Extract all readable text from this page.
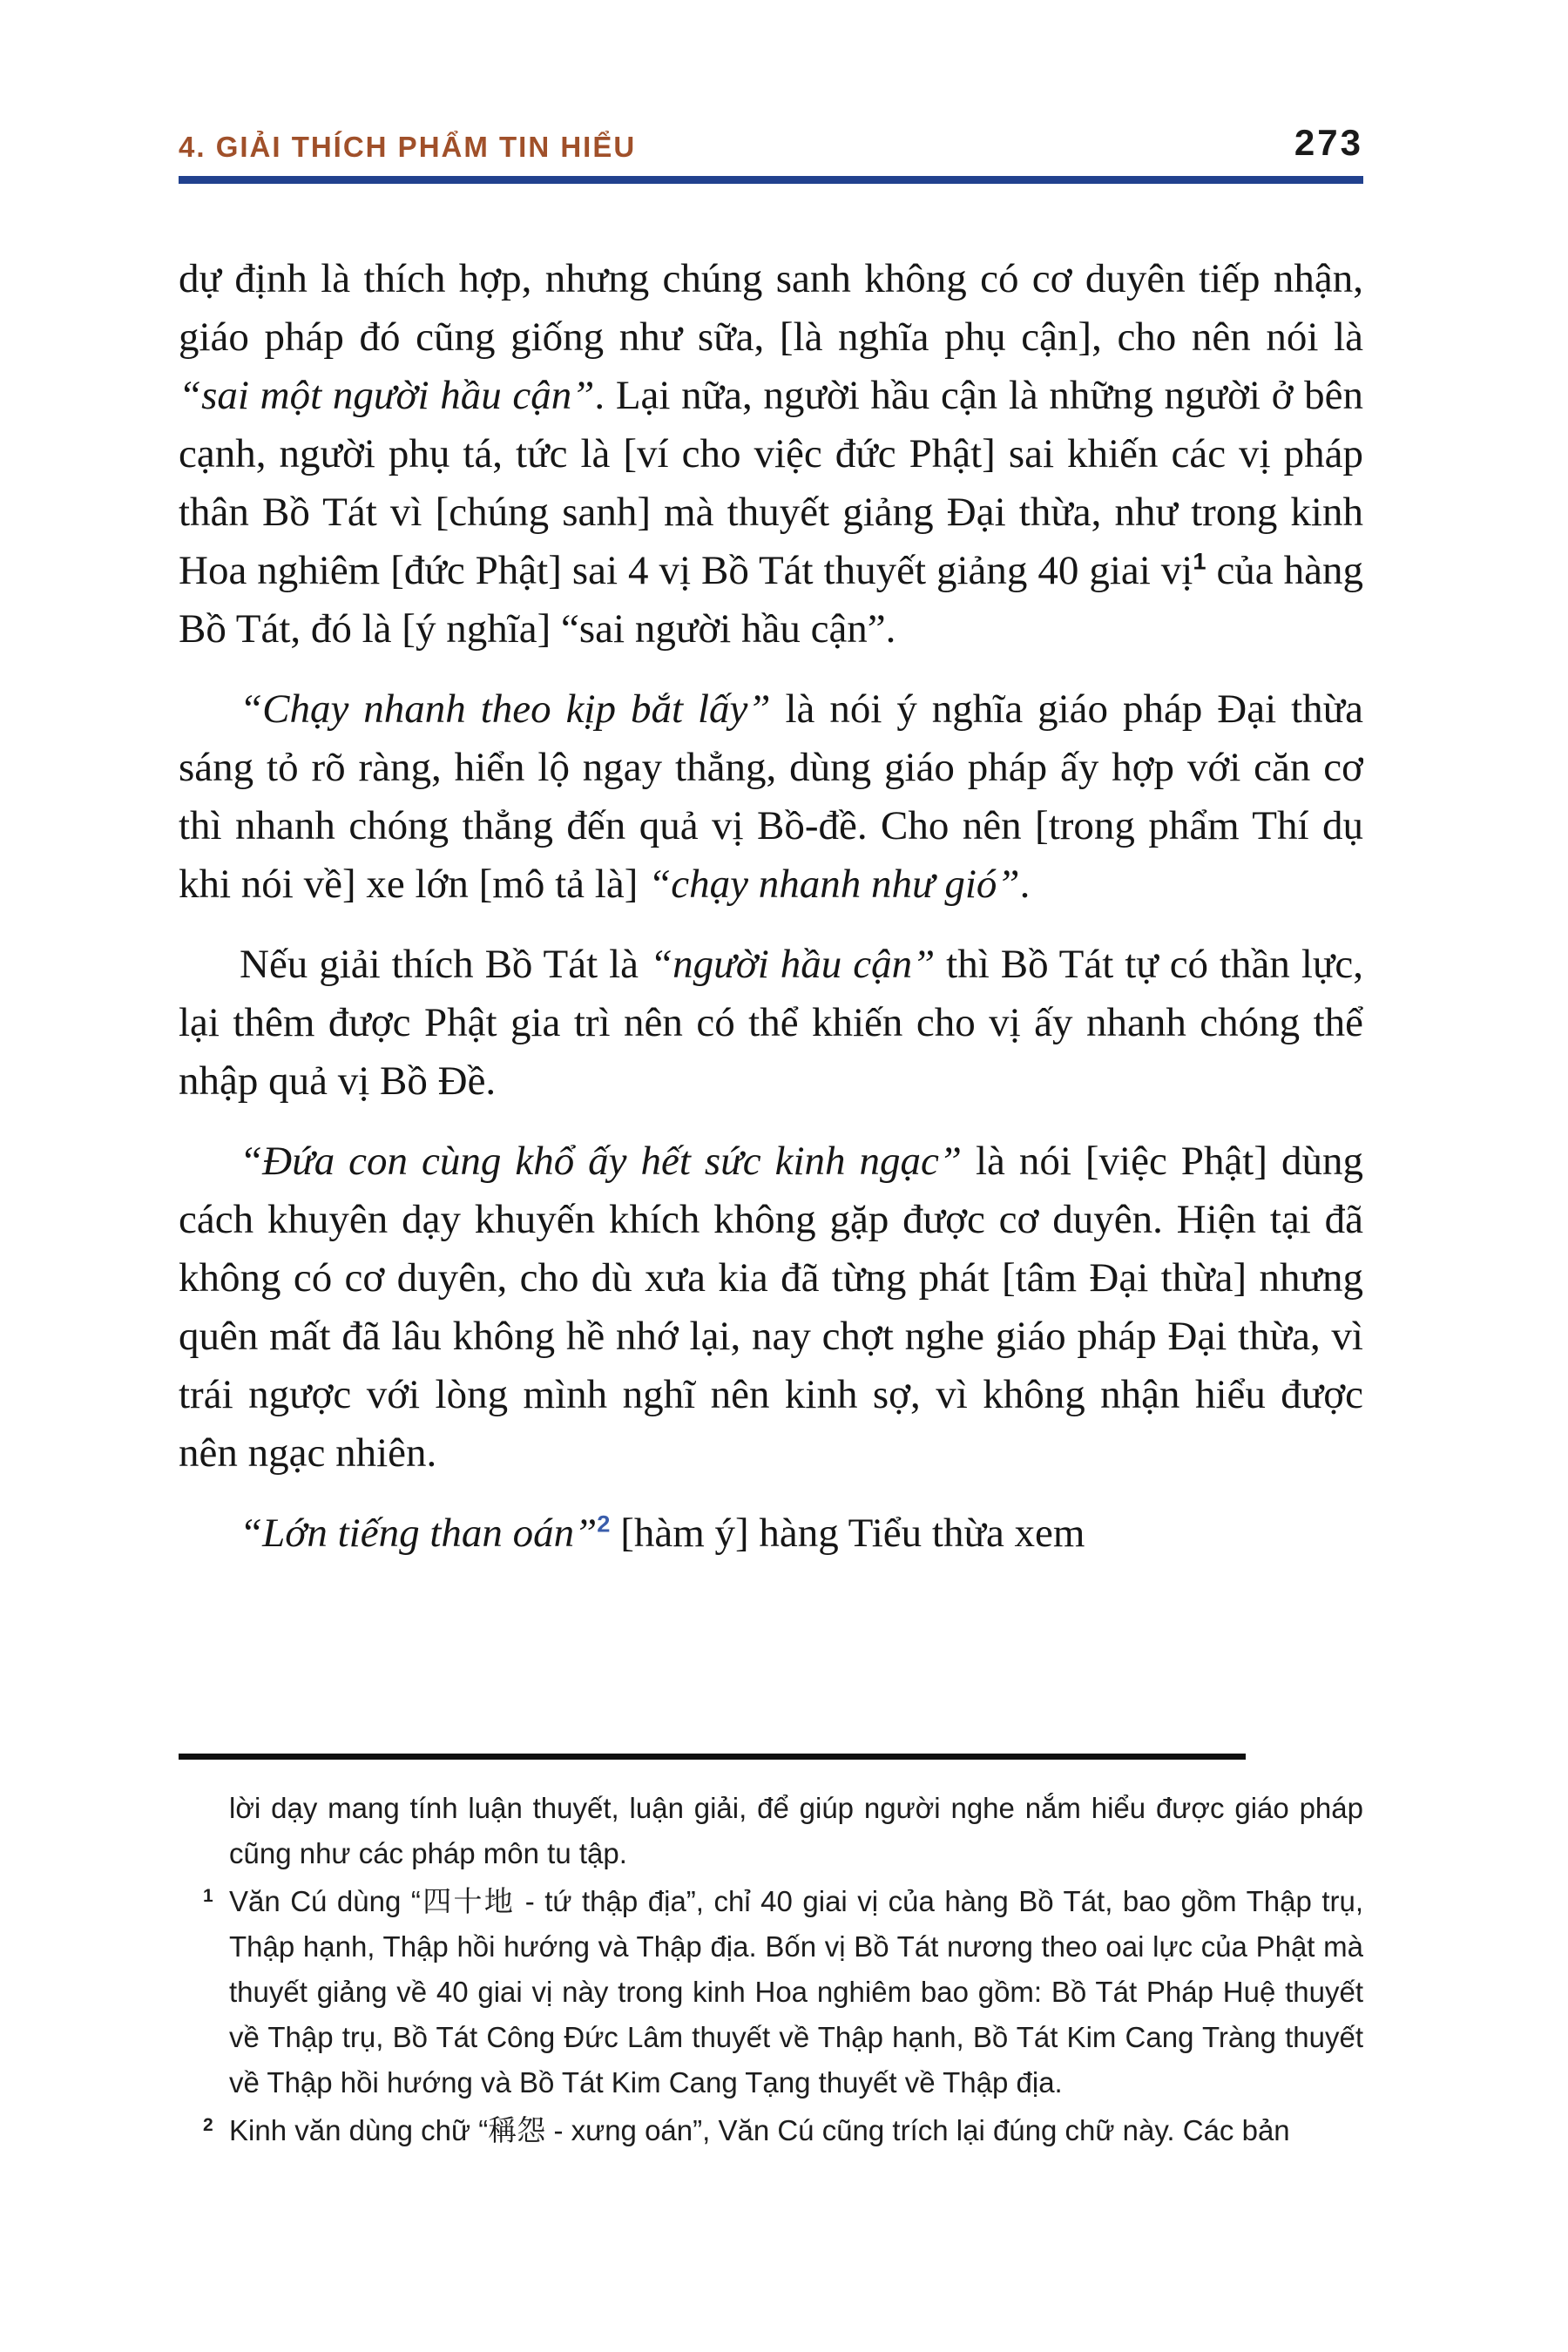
4. GIẢI THÍCH PHẨM TIN HIỂU	273

dự định là thích hợp, nhưng chúng sanh không có cơ duyên tiếp nhận, giáo pháp đó cũng giống như sữa, [là nghĩa phụ cận], cho nên nói là “sai một người hầu cận”. Lại nữa, người hầu cận là những người ở bên cạnh, người phụ tá, tức là [ví cho việc đức Phật] sai khiến các vị pháp thân Bồ Tát vì [chúng sanh] mà thuyết giảng Đại thừa, như trong kinh Hoa nghiêm [đức Phật] sai 4 vị Bồ Tát thuyết giảng 40 giai vị$^1$ của hàng Bồ Tát, đó là [ý nghĩa] “sai người hầu cận”.

“Chạy nhanh theo kịp bắt lấy” là nói ý nghĩa giáo pháp Đại thừa sáng tỏ rõ ràng, hiển lộ ngay thẳng, dùng giáo pháp ấy hợp với căn cơ thì nhanh chóng thẳng đến quả vị Bồ-đề. Cho nên [trong phẩm Thí dụ khi nói về] xe lớn [mô tả là] “chạy nhanh như gió”.

Nếu giải thích Bồ Tát là “người hầu cận” thì Bồ Tát tự có thần lực, lại thêm được Phật gia trì nên có thể khiến cho vị ấy nhanh chóng thể nhập quả vị Bồ Đề.

“Đứa con cùng khổ ấy hết sức kinh ngạc” là nói [việc Phật] dùng cách khuyên dạy khuyến khích không gặp được cơ duyên. Hiện tại đã không có cơ duyên, cho dù xưa kia đã từng phát [tâm Đại thừa] nhưng quên mất đã lâu không hề nhớ lại, nay chợt nghe giáo pháp Đại thừa, vì trái ngược với lòng mình nghĩ nên kinh sợ, vì không nhận hiểu được nên ngạc nhiên.

“Lớn tiếng than oán”$^2$ [hàm ý] hàng Tiểu thừa xem

lời dạy mang tính luận thuyết, luận giải, để giúp người nghe nắm hiểu được giáo pháp cũng như các pháp môn tu tập.

1 Văn Cú dùng “四十地 - tứ thập địa”, chỉ 40 giai vị của hàng Bồ Tát, bao gồm Thập trụ, Thập hạnh, Thập hồi hướng và Thập địa. Bốn vị Bồ Tát nương theo oai lực của Phật mà thuyết giảng về 40 giai vị này trong kinh Hoa nghiêm bao gồm: Bồ Tát Pháp Huệ thuyết về Thập trụ, Bồ Tát Công Đức Lâm thuyết về Thập hạnh, Bồ Tát Kim Cang Tràng thuyết về Thập hồi hướng và Bồ Tát Kim Cang Tạng thuyết về Thập địa.

2 Kinh văn dùng chữ “稱怨 - xưng oán”, Văn Cú cũng trích lại đúng chữ này. Các bản
